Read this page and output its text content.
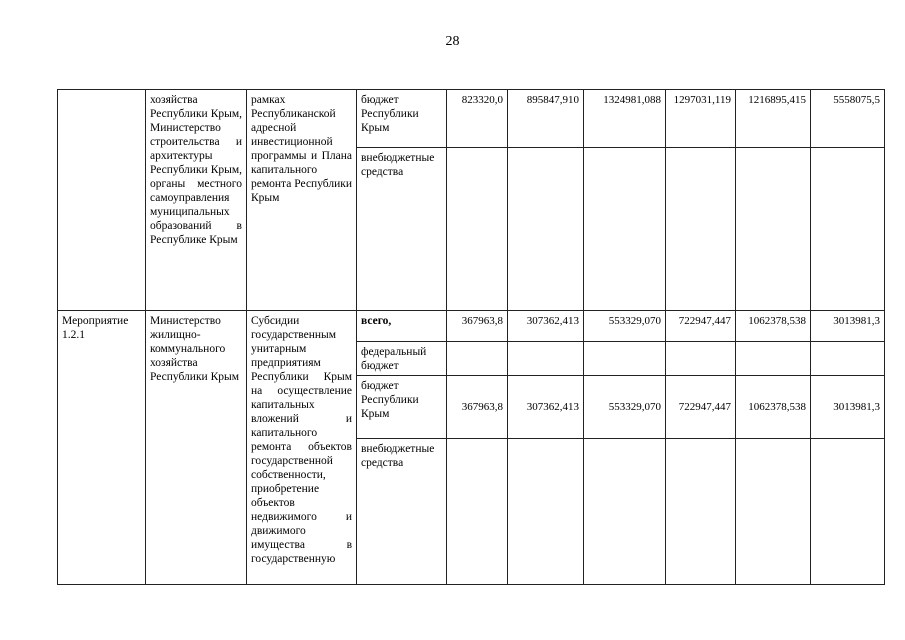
28
	хозяйства Республики Крым, Министерство строительства и архитектуры Республики Крым, органы местного самоуправления муниципальных образований в Республике Крым	рамках Республиканской адресной инвестиционной программы и Плана капитального ремонта Республики Крым	бюджет Республики Крым	823320,0	895847,910	1324981,088	1297031,119	1216895,415	5558075,5
			внебюджетные средства						
Мероприятие 1.2.1	Министерство жилищно-коммунального хозяйства Республики Крым	Субсидии государственным унитарным предприятиям Республики Крым на осуществление капитальных вложений и капитального ремонта объектов государственной собственности, приобретение объектов недвижимого и движимого имущества в государственную	всего,	367963,8	307362,413	553329,070	722947,447	1062378,538	3013981,3
			федеральный бюджет						
			бюджет Республики Крым	367963,8	307362,413	553329,070	722947,447	1062378,538	3013981,3
			внебюджетные средства						
